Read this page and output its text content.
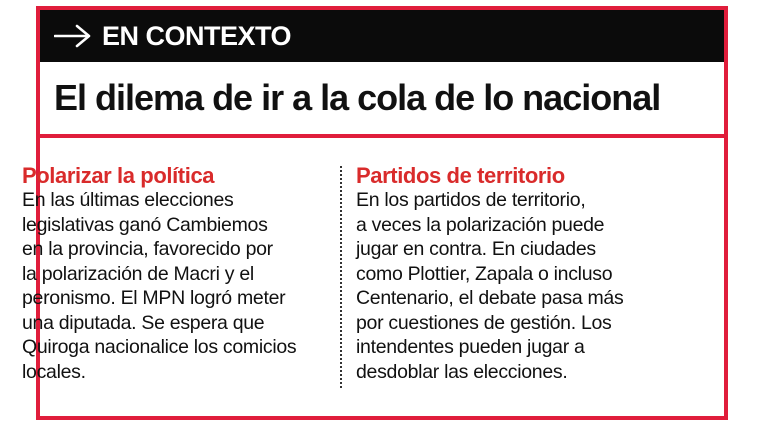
EN CONTEXTO
El dilema de ir a la cola de lo nacional
Polarizar la política
En las últimas elecciones
legislativas ganó Cambiemos
en la provincia, favorecido por
la polarización de Macri y el
peronismo. El MPN logró meter
una diputada. Se espera que
Quiroga nacionalice los comicios
locales.
Partidos de territorio
En los partidos de territorio,
a veces la polarización puede
jugar en contra. En ciudades
como Plottier, Zapala o incluso
Centenario, el debate pasa más
por cuestiones de gestión. Los
intendentes pueden jugar a
desdoblar las elecciones.
